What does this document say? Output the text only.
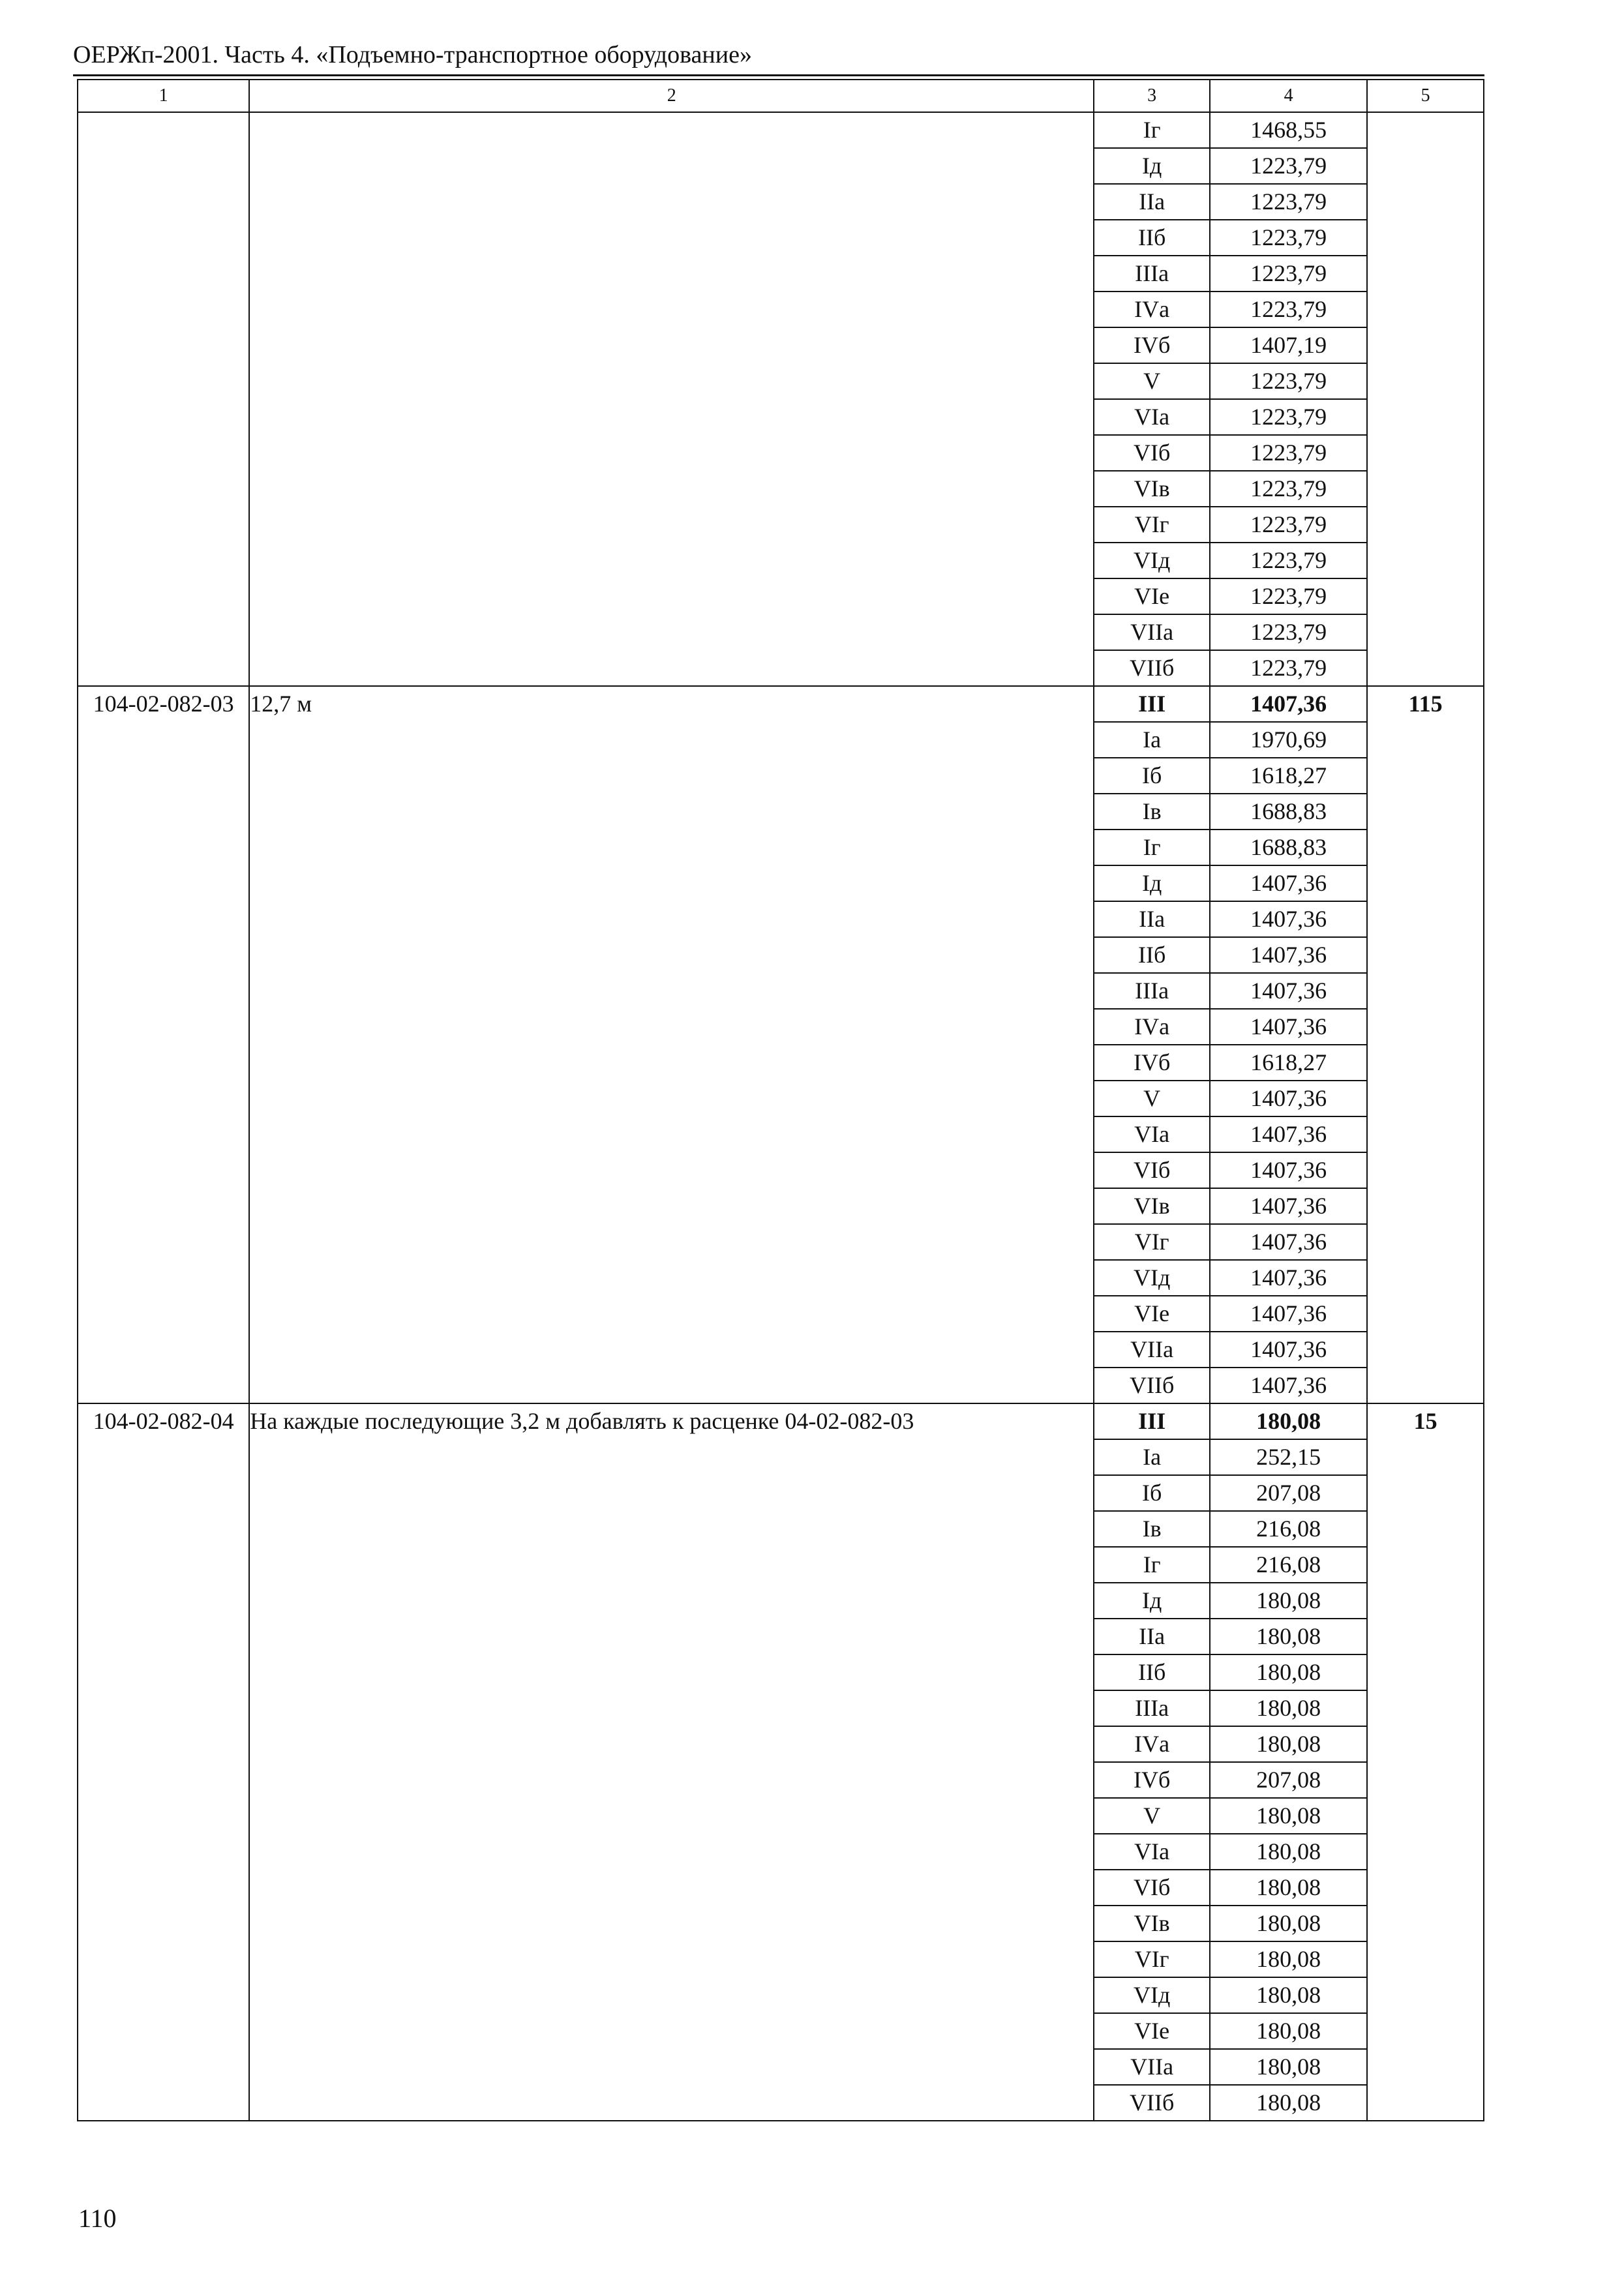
ОЕРЖп-2001. Часть 4. «Подъемно-транспортное оборудование»
1	2	3	4	5
		Iг	1468,55	
		Iд	1223,79	
		IIа	1223,79	
		IIб	1223,79	
		IIIа	1223,79	
		IVа	1223,79	
		IVб	1407,19	
		V	1223,79	
		VIа	1223,79	
		VIб	1223,79	
		VIв	1223,79	
		VIг	1223,79	
		VIд	1223,79	
		VIе	1223,79	
		VIIа	1223,79	
		VIIб	1223,79	
104-02-082-03	12,7 м	III	1407,36	115
		Iа	1970,69	
		Iб	1618,27	
		Iв	1688,83	
		Iг	1688,83	
		Iд	1407,36	
		IIа	1407,36	
		IIб	1407,36	
		IIIа	1407,36	
		IVа	1407,36	
		IVб	1618,27	
		V	1407,36	
		VIа	1407,36	
		VIб	1407,36	
		VIв	1407,36	
		VIг	1407,36	
		VIд	1407,36	
		VIе	1407,36	
		VIIа	1407,36	
		VIIб	1407,36	
104-02-082-04	На каждые последующие 3,2 м добавлять к расценке 04-02-082-03	III	180,08	15
		Iа	252,15	
		Iб	207,08	
		Iв	216,08	
		Iг	216,08	
		Iд	180,08	
		IIа	180,08	
		IIб	180,08	
		IIIа	180,08	
		IVа	180,08	
		IVб	207,08	
		V	180,08	
		VIа	180,08	
		VIб	180,08	
		VIв	180,08	
		VIг	180,08	
		VIд	180,08	
		VIе	180,08	
		VIIа	180,08	
		VIIб	180,08	
110
